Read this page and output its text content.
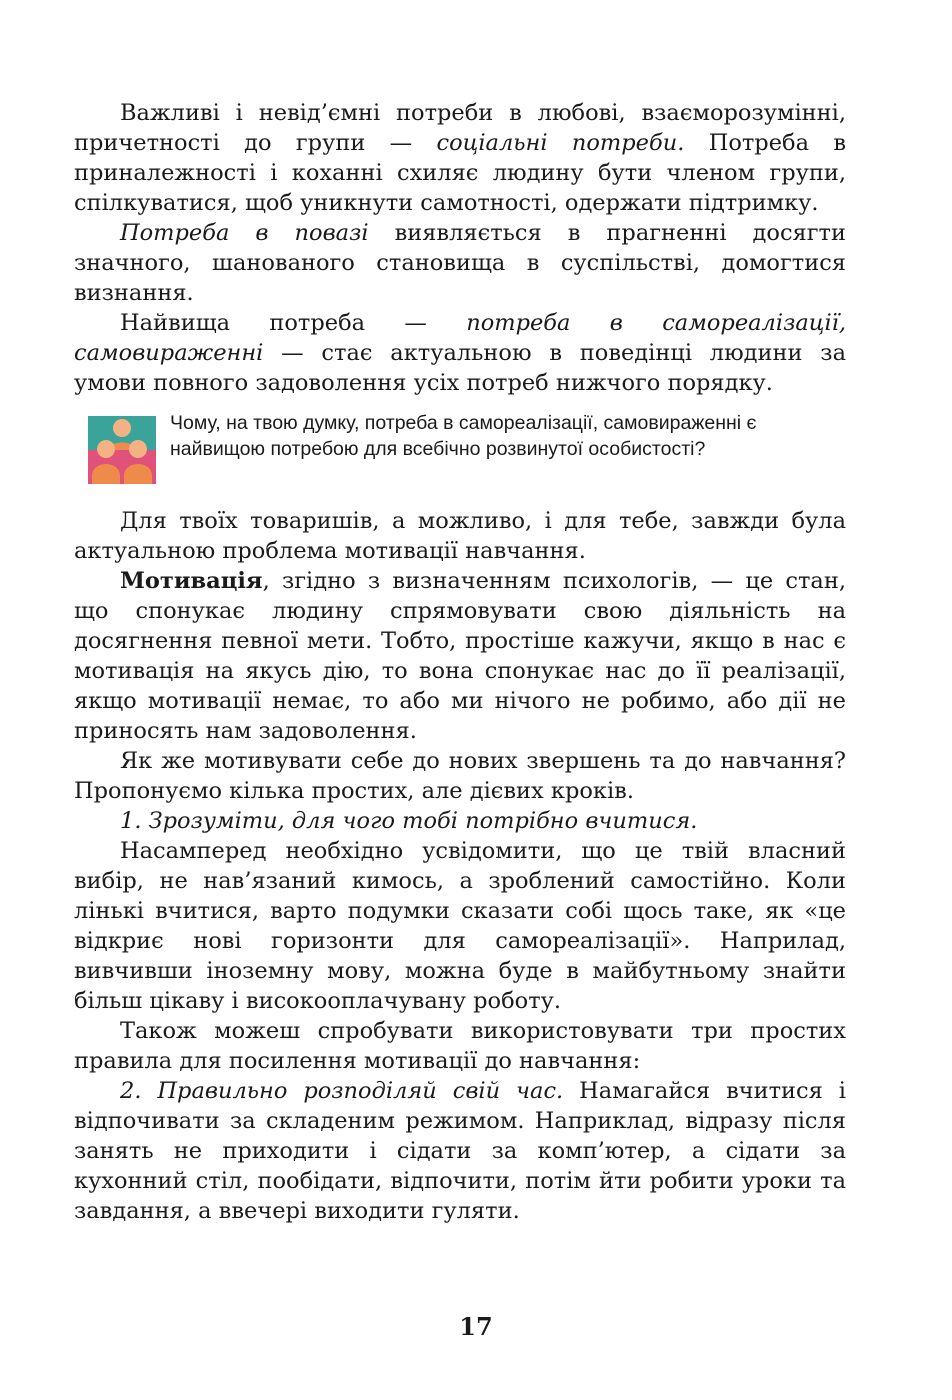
Важливі і невід’ємні потреби в любові, взаєморозумінні, причетності до групи — соціальні потреби. Потреба в приналежності і коханні схиляє людину бути членом групи, спілкуватися, щоб уникнути самотності, одержати підтримку.

Потреба в повазі виявляється в прагненні досягти значного, шанованого становища в суспільстві, домогтися визнання.

Найвища потреба — потреба в самореалізації, самовираженні — стає актуальною в поведінці людини за умови повного задоволення усіх потреб нижчого порядку.

Чому, на твою думку, потреба в самореалізації, самовираженні є найвищою потребою для всебічно розвинутої особистості?

Для твоїх товаришів, а можливо, і для тебе, завжди була актуальною проблема мотивації навчання.

Мотивація, згідно з визначенням психологів, — це стан, що спонукає людину спрямовувати свою діяльність на досягнення певної мети. Тобто, простіше кажучи, якщо в нас є мотивація на якусь дію, то вона спонукає нас до її реалізації, якщо мотивації немає, то або ми нічого не робимо, або дії не приносять нам задоволення.

Як же мотивувати себе до нових звершень та до навчання? Пропонуємо кілька простих, але дієвих кроків.

1. Зрозуміти, для чого тобі потрібно вчитися.

Насамперед необхідно усвідомити, що це твій власний вибір, не нав’язаний кимось, а зроблений самостійно. Коли лінькі вчитися, варто подумки сказати собі щось таке, як «це відкриє нові горизонти для самореалізації». Наприлад, вивчивши іноземну мову, можна буде в майбутньому знайти більш цікаву і високооплачувану роботу.

Також можеш спробувати використовувати три простих правила для посилення мотивації до навчання:

2. Правильно розподіляй свій час. Намагайся вчитися і відпочивати за складеним режимом. Наприклад, відразу після занять не приходити і сідати за комп’ютер, а сідати за кухонний стіл, пообідати, відпочити, потім йти робити уроки та завдання, а ввечері виходити гуляти.

17
